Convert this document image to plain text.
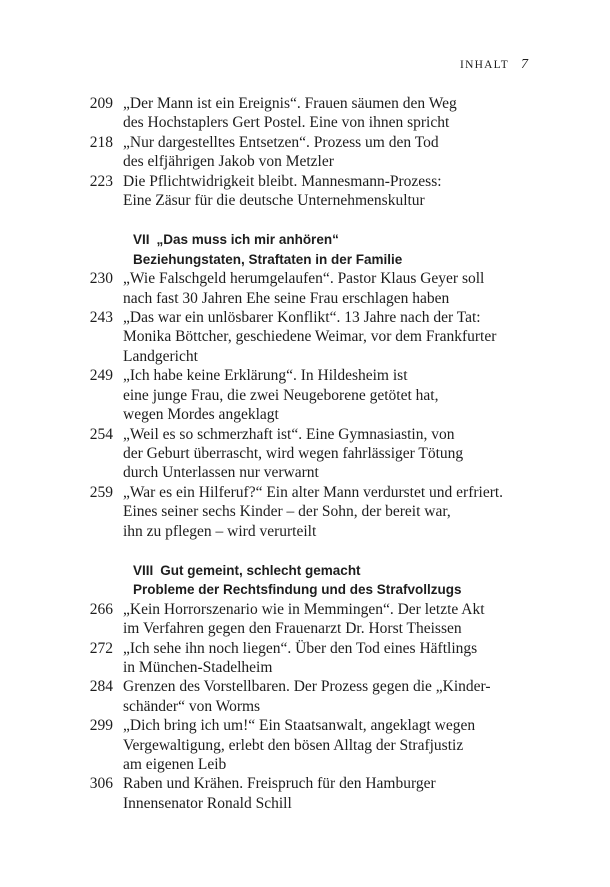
INHALT 7
209 „Der Mann ist ein Ereignis“. Frauen säumen den Weg
des Hochstaplers Gert Postel. Eine von ihnen spricht
218 „Nur dargestelltes Entsetzen“. Prozess um den Tod
des elfjährigen Jakob von Metzler
223 Die Pflichtwidrigkeit bleibt. Mannesmann-Prozess:
Eine Zäsur für die deutsche Unternehmenskultur
VII „Das muss ich mir anhören“
Beziehungstaten, Straftaten in der Familie
230 „Wie Falschgeld herumgelaufen“. Pastor Klaus Geyer soll
nach fast 30 Jahren Ehe seine Frau erschlagen haben
243 „Das war ein unlösbarer Konflikt“. 13 Jahre nach der Tat:
Monika Böttcher, geschiedene Weimar, vor dem Frankfurter
Landgericht
249 „Ich habe keine Erklärung“. In Hildesheim ist
eine junge Frau, die zwei Neugeborene getötet hat,
wegen Mordes angeklagt
254 „Weil es so schmerzhaft ist“. Eine Gymnasiastin, von
der Geburt überrascht, wird wegen fahrlässiger Tötung
durch Unterlassen nur verwarnt
259 „War es ein Hilferuf?“ Ein alter Mann verdurstet und erfriert.
Eines seiner sechs Kinder – der Sohn, der bereit war,
ihn zu pflegen – wird verurteilt
VIII Gut gemeint, schlecht gemacht
Probleme der Rechtsfindung und des Strafvollzugs
266 „Kein Horrorszenario wie in Memmingen“. Der letzte Akt
im Verfahren gegen den Frauenarzt Dr. Horst Theissen
272 „Ich sehe ihn noch liegen“. Über den Tod eines Häftlings
in München-Stadelheim
284 Grenzen des Vorstellbaren. Der Prozess gegen die „Kinder-
schänder“ von Worms
299 „Dich bring ich um!“ Ein Staatsanwalt, angeklagt wegen
Vergewaltigung, erlebt den bösen Alltag der Strafjustiz
am eigenen Leib
306 Raben und Krähen. Freispruch für den Hamburger
Innensenator Ronald Schill
